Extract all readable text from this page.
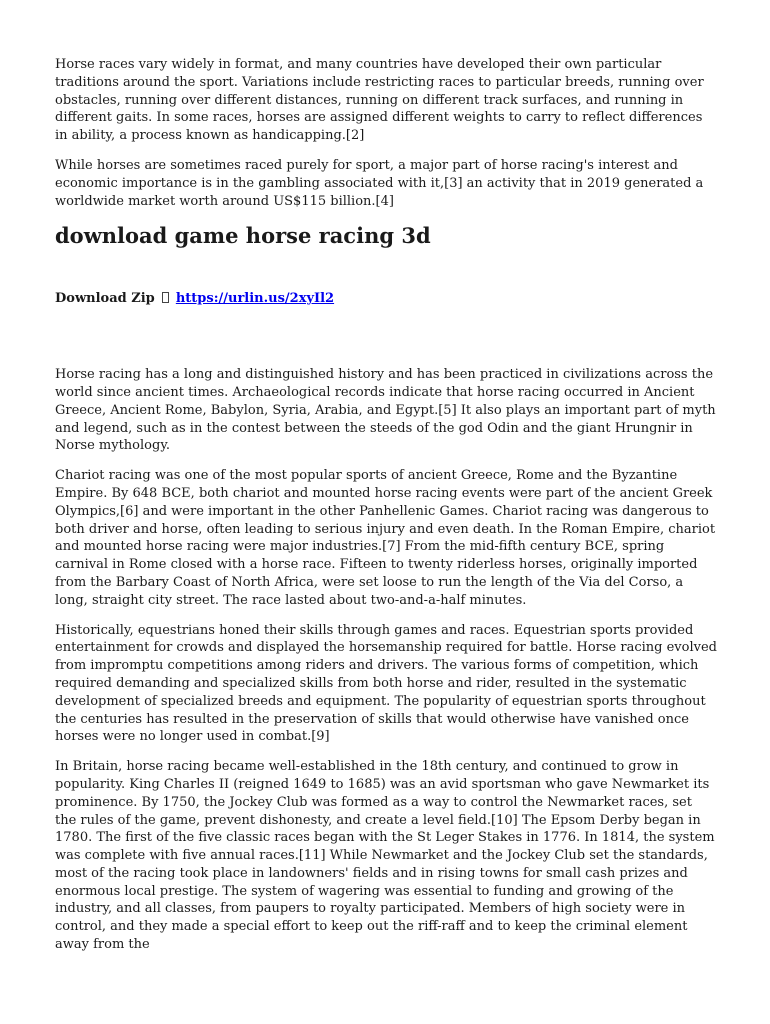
Horse races vary widely in format, and many countries have developed their own particular traditions around the sport. Variations include restricting races to particular breeds, running over obstacles, running over different distances, running on different track surfaces, and running in different gaits. In some races, horses are assigned different weights to carry to reflect differences in ability, a process known as handicapping.[2]

While horses are sometimes raced purely for sport, a major part of horse racing's interest and economic importance is in the gambling associated with it,[3] an activity that in 2019 generated a worldwide market worth around US$115 billion.[4]

download game horse racing 3d
Download Zip https://urlin.us/2xyIl2

Horse racing has a long and distinguished history and has been practiced in civilizations across the world since ancient times. Archaeological records indicate that horse racing occurred in Ancient Greece, Ancient Rome, Babylon, Syria, Arabia, and Egypt.[5] It also plays an important part of myth and legend, such as in the contest between the steeds of the god Odin and the giant Hrungnir in Norse mythology.

Chariot racing was one of the most popular sports of ancient Greece, Rome and the Byzantine Empire. By 648 BCE, both chariot and mounted horse racing events were part of the ancient Greek Olympics,[6] and were important in the other Panhellenic Games. Chariot racing was dangerous to both driver and horse, often leading to serious injury and even death. In the Roman Empire, chariot and mounted horse racing were major industries.[7] From the mid-fifth century BCE, spring carnival in Rome closed with a horse race. Fifteen to twenty riderless horses, originally imported from the Barbary Coast of North Africa, were set loose to run the length of the Via del Corso, a long, straight city street. The race lasted about two-and-a-half minutes.

Historically, equestrians honed their skills through games and races. Equestrian sports provided entertainment for crowds and displayed the horsemanship required for battle. Horse racing evolved from impromptu competitions among riders and drivers. The various forms of competition, which required demanding and specialized skills from both horse and rider, resulted in the systematic development of specialized breeds and equipment. The popularity of equestrian sports throughout the centuries has resulted in the preservation of skills that would otherwise have vanished once horses were no longer used in combat.[9]

In Britain, horse racing became well-established in the 18th century, and continued to grow in popularity. King Charles II (reigned 1649 to 1685) was an avid sportsman who gave Newmarket its prominence. By 1750, the Jockey Club was formed as a way to control the Newmarket races, set the rules of the game, prevent dishonesty, and create a level field.[10] The Epsom Derby began in 1780. The first of the five classic races began with the St Leger Stakes in 1776. In 1814, the system was complete with five annual races.[11] While Newmarket and the Jockey Club set the standards, most of the racing took place in landowners' fields and in rising towns for small cash prizes and enormous local prestige. The system of wagering was essential to funding and growing of the industry, and all classes, from paupers to royalty participated. Members of high society were in control, and they made a special effort to keep out the riff-raff and to keep the criminal element away from the
